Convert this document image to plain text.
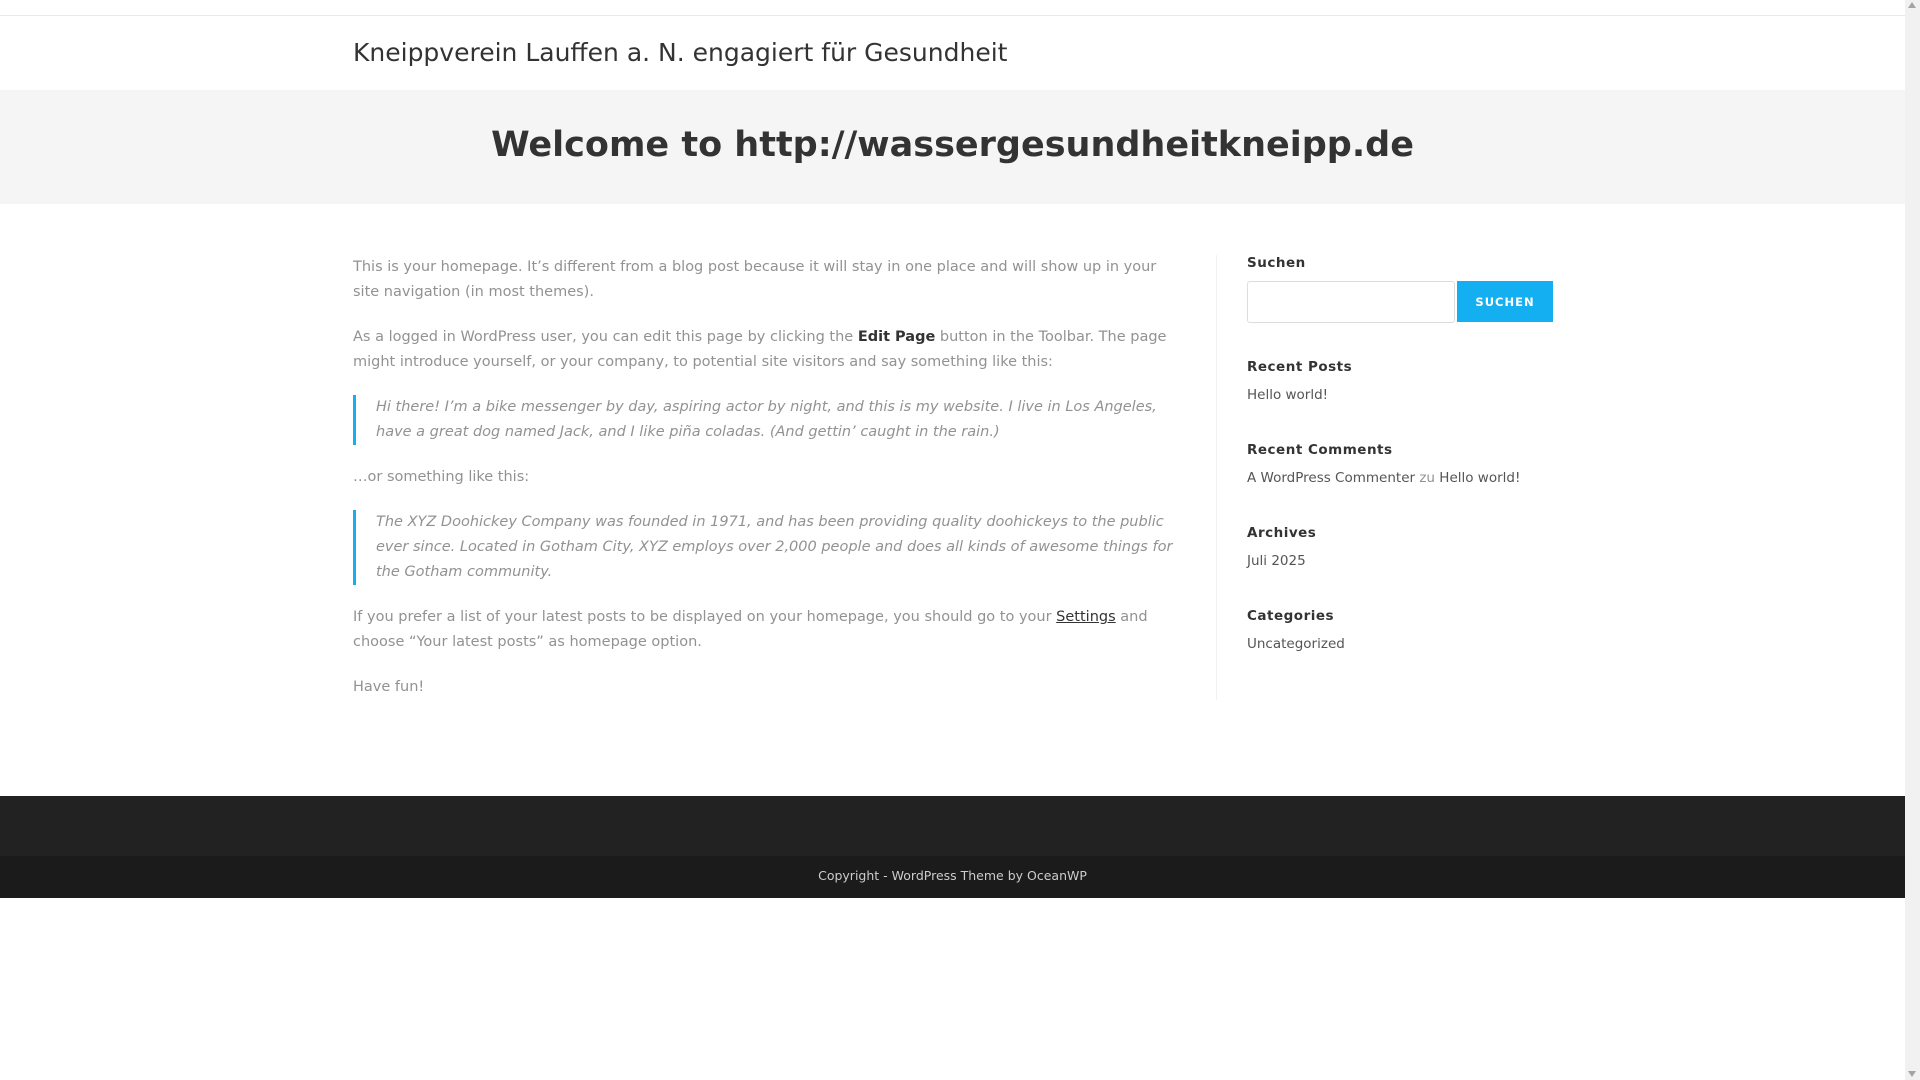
Kneippverein Lauffen a. N. engagiert für Gesundheit
Welcome to http://wassergesundheitkneipp.de

This is your homepage. It’s different from a blog post because it will stay in one place and will show up in your site navigation (in most themes).

As a logged in WordPress user, you can edit this page by clicking the Edit Page button in the Toolbar. The page might introduce yourself, or your company, to potential site visitors and say something like this:

Hi there! I’m a bike messenger by day, aspiring actor by night, and this is my website. I live in Los Angeles, have a great dog named Jack, and I like piña coladas. (And gettin’ caught in the rain.)

…or something like this:

The XYZ Doohickey Company was founded in 1971, and has been providing quality doohickeys to the public ever since. Located in Gotham City, XYZ employs over 2,000 people and does all kinds of awesome things for the Gotham community.

If you prefer a list of your latest posts to be displayed on your homepage, you should go to your Settings and choose “Your latest posts” as homepage option.

Have fun!

Suchen
SUCHEN
Recent Posts
Hello world!
Recent Comments
A WordPress Commenter zu Hello world!
Archives
Juli 2025
Categories
Uncategorized
Copyright - WordPress Theme by OceanWP
